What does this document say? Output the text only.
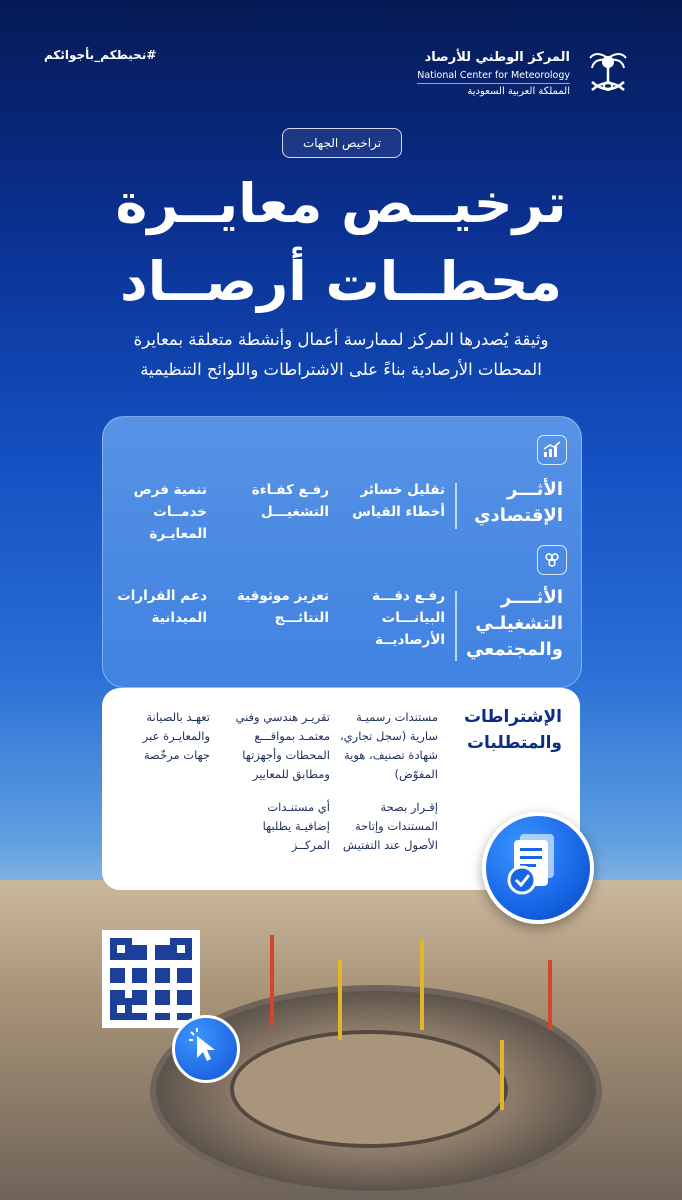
#نحيطكم_بأجوائكم	المركز الوطني للأرصاد
National Center for Meteorology
المملكة العربية السعودية
تراخيص الجهات
ترخيــص معايــرة
محطــات أرصــاد
وثيقة يُصدرها المركز لممارسة أعمال وأنشطة متعلقة بمعايرة
المحطات الأرصادية بناءً على الاشتراطات واللوائح التنظيمية
الأثـــر
الإقتصادي
تقليل خسائر
أخطاء القياس
رفـع كفـاءة
التشغيـــل
تنمية فرص
خدمــات
المعايـرة
الأثــــر
التشغيلـي
والمجتمعي
رفـع دقـــة
البيانـــات
الأرصاديــة
تعزيز موثوقية
النتائـــج
دعم القرارات
الميدانية
الإشتراطات
والمتطلبات
مستندات رسميـة
سارية (سجل تجاري،
شهادة تصنيف، هوية
المفوّض)
تقريـر هندسي وفني
معتمـد بمواقـــع
المحطات وأجهزتها
ومطابق للمعايير
تعهـد بالصيانة
والمعايـرة عبر
جهات مرخّصة
إقـرار بصحة
المستندات وإتاحة
الأصول عند التفتيش
أي مستنـدات
إضافيـة يطلبها
المركــز
